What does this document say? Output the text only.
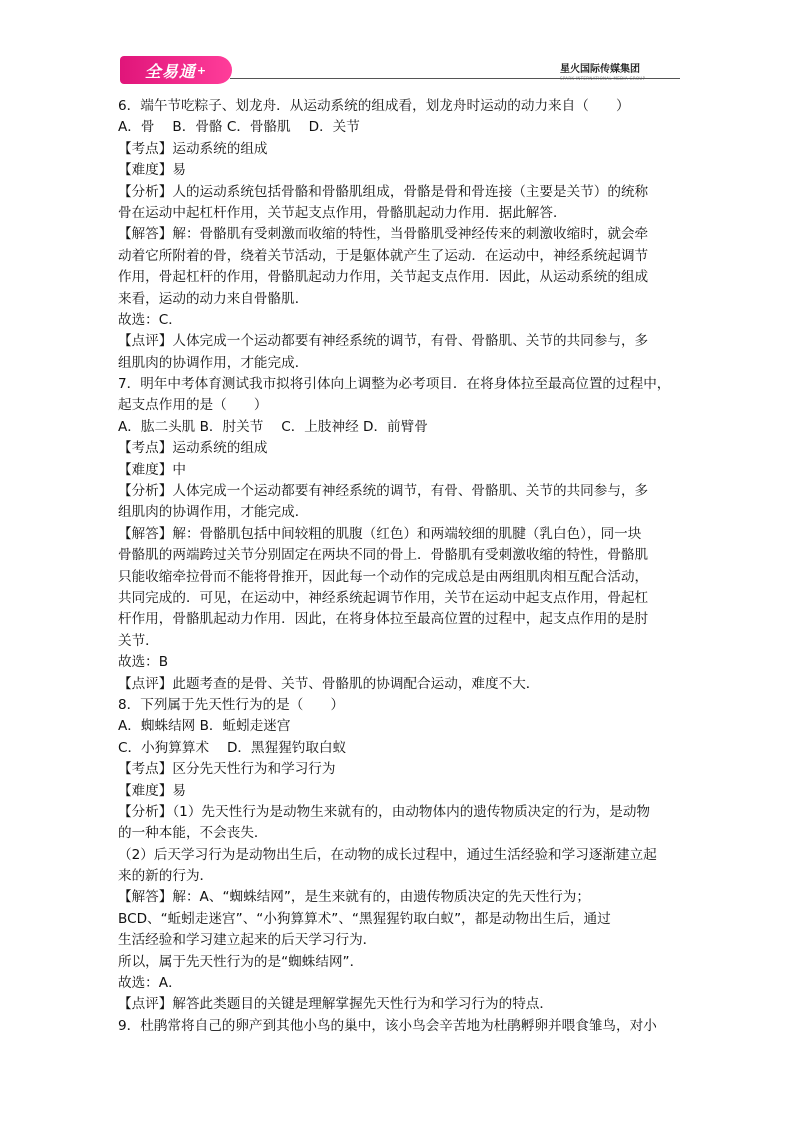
全易通 +	星火国际传媒集团
SPARK INTERNATIONAL MEDIA GROUP
6．端午节吃粽子、划龙舟．从运动系统的组成看，划龙舟时运动的动力来自（　　）
A．骨　 B．骨骼 C．骨骼肌　 D．关节
【考点】运动系统的组成
【难度】易
【分析】人的运动系统包括骨骼和骨骼肌组成，骨骼是骨和骨连接（主要是关节）的统称
骨在运动中起杠杆作用，关节起支点作用，骨骼肌起动力作用．据此解答．
【解答】解：骨骼肌有受刺激而收缩的特性，当骨骼肌受神经传来的刺激收缩时，就会牵
动着它所附着的骨，绕着关节活动，于是躯体就产生了运动．在运动中，神经系统起调节
作用，骨起杠杆的作用，骨骼肌起动力作用，关节起支点作用．因此，从运动系统的组成
来看，运动的动力来自骨骼肌．
故选：C．
【点评】人体完成一个运动都要有神经系统的调节，有骨、骨骼肌、关节的共同参与，多
组肌肉的协调作用，才能完成．
7．明年中考体育测试我市拟将引体向上调整为必考项目．在将身体拉至最高位置的过程中，
起支点作用的是（　　）
A．肱二头肌 B．肘关节　 C．上肢神经 D．前臂骨
【考点】运动系统的组成
【难度】中
【分析】人体完成一个运动都要有神经系统的调节，有骨、骨骼肌、关节的共同参与，多
组肌肉的协调作用，才能完成．
【解答】解：骨骼肌包括中间较粗的肌腹（红色）和两端较细的肌腱（乳白色），同一块
骨骼肌的两端跨过关节分别固定在两块不同的骨上．骨骼肌有受刺激收缩的特性，骨骼肌
只能收缩牵拉骨而不能将骨推开，因此每一个动作的完成总是由两组肌肉相互配合活动，
共同完成的．可见，在运动中，神经系统起调节作用，关节在运动中起支点作用，骨起杠
杆作用，骨骼肌起动力作用．因此，在将身体拉至最高位置的过程中，起支点作用的是肘
关节．
故选：B
【点评】此题考查的是骨、关节、骨骼肌的协调配合运动，难度不大．
8．下列属于先天性行为的是（　　）
A．蜘蛛结网 B．蚯蚓走迷宫
C．小狗算算术　 D．黑猩猩钓取白蚁
【考点】区分先天性行为和学习行为
【难度】易
【分析】（1）先天性行为是动物生来就有的，由动物体内的遗传物质决定的行为，是动物
的一种本能，不会丧失．
（2）后天学习行为是动物出生后，在动物的成长过程中，通过生活经验和学习逐渐建立起
来的新的行为．
【解答】解：A、“蜘蛛结网”，是生来就有的，由遗传物质决定的先天性行为；
BCD、“蚯蚓走迷宫”、“小狗算算术”、“黑猩猩钓取白蚁”，都是动物出生后，通过
生活经验和学习建立起来的后天学习行为．
所以，属于先天性行为的是“蜘蛛结网”．
故选：A．
【点评】解答此类题目的关键是理解掌握先天性行为和学习行为的特点．
9．杜鹃常将自己的卵产到其他小鸟的巢中，该小鸟会辛苦地为杜鹃孵卵并喂食雏鸟，对小
